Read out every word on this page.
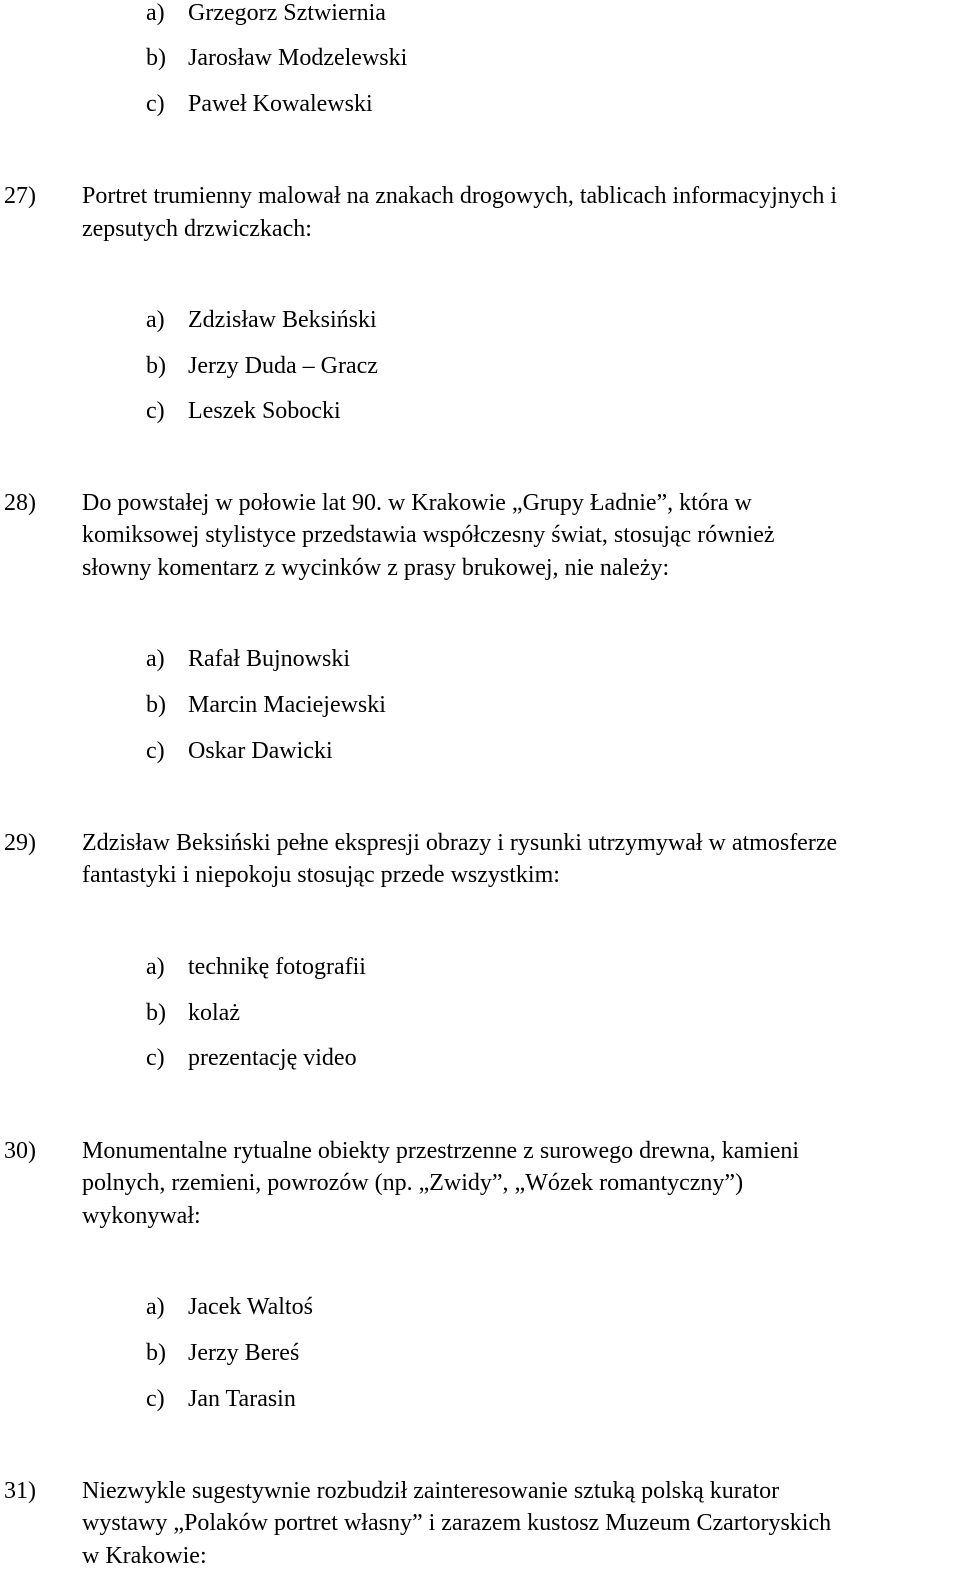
a) Grzegorz Sztwiernia
b) Jarosław Modzelewski
c) Paweł Kowalewski
27) Portret trumienny malował na znakach drogowych, tablicach informacyjnych i
zepsutych drzwiczkach:
a) Zdzisław Beksiński
b) Jerzy Duda – Gracz
c) Leszek Sobocki
28) Do powstałej w połowie lat 90. w Krakowie „Grupy Ładnie”, która w
komiksowej stylistyce przedstawia współczesny świat, stosując również
słowny komentarz z wycinków z prasy brukowej, nie należy:
a) Rafał Bujnowski
b) Marcin Maciejewski
c) Oskar Dawicki
29) Zdzisław Beksiński pełne ekspresji obrazy i rysunki utrzymywał w atmosferze
fantastyki i niepokoju stosując przede wszystkim:
a) technikę fotografii
b) kolaż
c) prezentację video
30) Monumentalne rytualne obiekty przestrzenne z surowego drewna, kamieni
polnych, rzemieni, powrozów (np. „Zwidy”, „Wózek romantyczny”)
wykonywał:
a) Jacek Waltoś
b) Jerzy Bereś
c) Jan Tarasin
31) Niezwykle sugestywnie rozbudził zainteresowanie sztuką polską kurator
wystawy „Polaków portret własny” i zarazem kustosz Muzeum Czartoryskich
w Krakowie:
